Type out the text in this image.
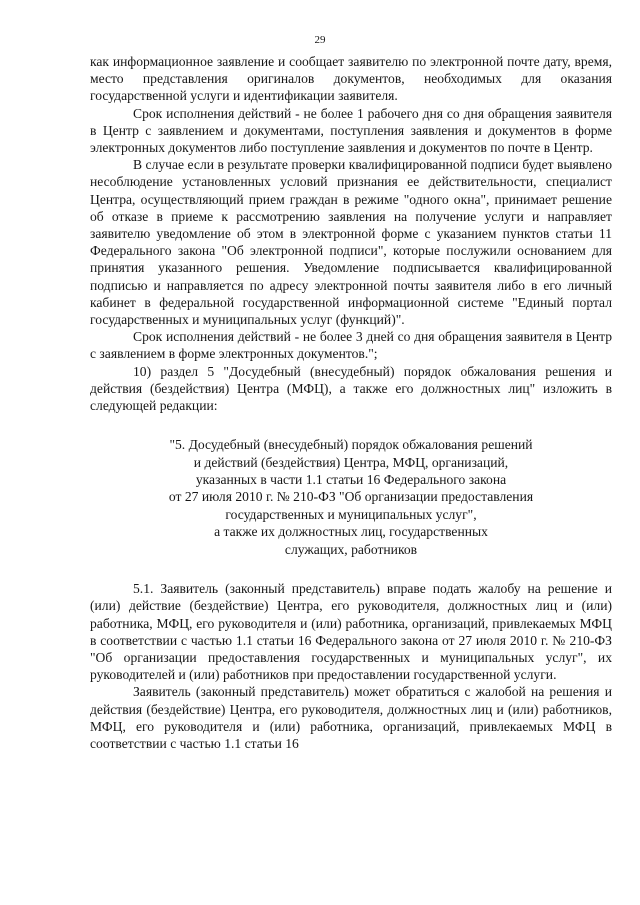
29

как информационное заявление и сообщает заявителю по электронной почте дату, время, место представления оригиналов документов, необходимых для оказания государственной услуги и идентификации заявителя.

Срок исполнения действий - не более 1 рабочего дня со дня обращения заявителя в Центр с заявлением и документами, поступления заявления и документов в форме электронных документов либо поступление заявления и документов по почте в Центр.

В случае если в результате проверки квалифицированной подписи будет выявлено несоблюдение установленных условий признания ее действительности, специалист Центра, осуществляющий прием граждан в режиме "одного окна", принимает решение об отказе в приеме к рассмотрению заявления на получение услуги и направляет заявителю уведомление об этом в электронной форме с указанием пунктов статьи 11 Федерального закона "Об электронной подписи", которые послужили основанием для принятия указанного решения. Уведомление подписывается квалифицированной подписью и направляется по адресу электронной почты заявителя либо в его личный кабинет в федеральной государственной информационной системе "Единый портал государственных и муниципальных услуг (функций)".

Срок исполнения действий - не более 3 дней со дня обращения заявителя в Центр с заявлением в форме электронных документов.";

10) раздел 5 "Досудебный (внесудебный) порядок обжалования решения и действия (бездействия) Центра (МФЦ), а также его должностных лиц" изложить в следующей редакции:

"5. Досудебный (внесудебный) порядок обжалования решений
и действий (бездействия) Центра, МФЦ, организаций,
указанных в части 1.1 статьи 16 Федерального закона
от 27 июля 2010 г. № 210-ФЗ "Об организации предоставления
государственных и муниципальных услуг",
а также их должностных лиц, государственных
служащих, работников

5.1. Заявитель (законный представитель) вправе подать жалобу на решение и (или) действие (бездействие) Центра, его руководителя, должностных лиц и (или) работника, МФЦ, его руководителя и (или) работника, организаций, привлекаемых МФЦ в соответствии с частью 1.1 статьи 16 Федерального закона от 27 июля 2010 г. № 210-ФЗ "Об организации предоставления государственных и муниципальных услуг", их руководителей и (или) работников при предоставлении государственной услуги.

Заявитель (законный представитель) может обратиться с жалобой на решения и действия (бездействие) Центра, его руководителя, должностных лиц и (или) работников, МФЦ, его руководителя и (или) работника, организаций, привлекаемых МФЦ в соответствии с частью 1.1 статьи 16
